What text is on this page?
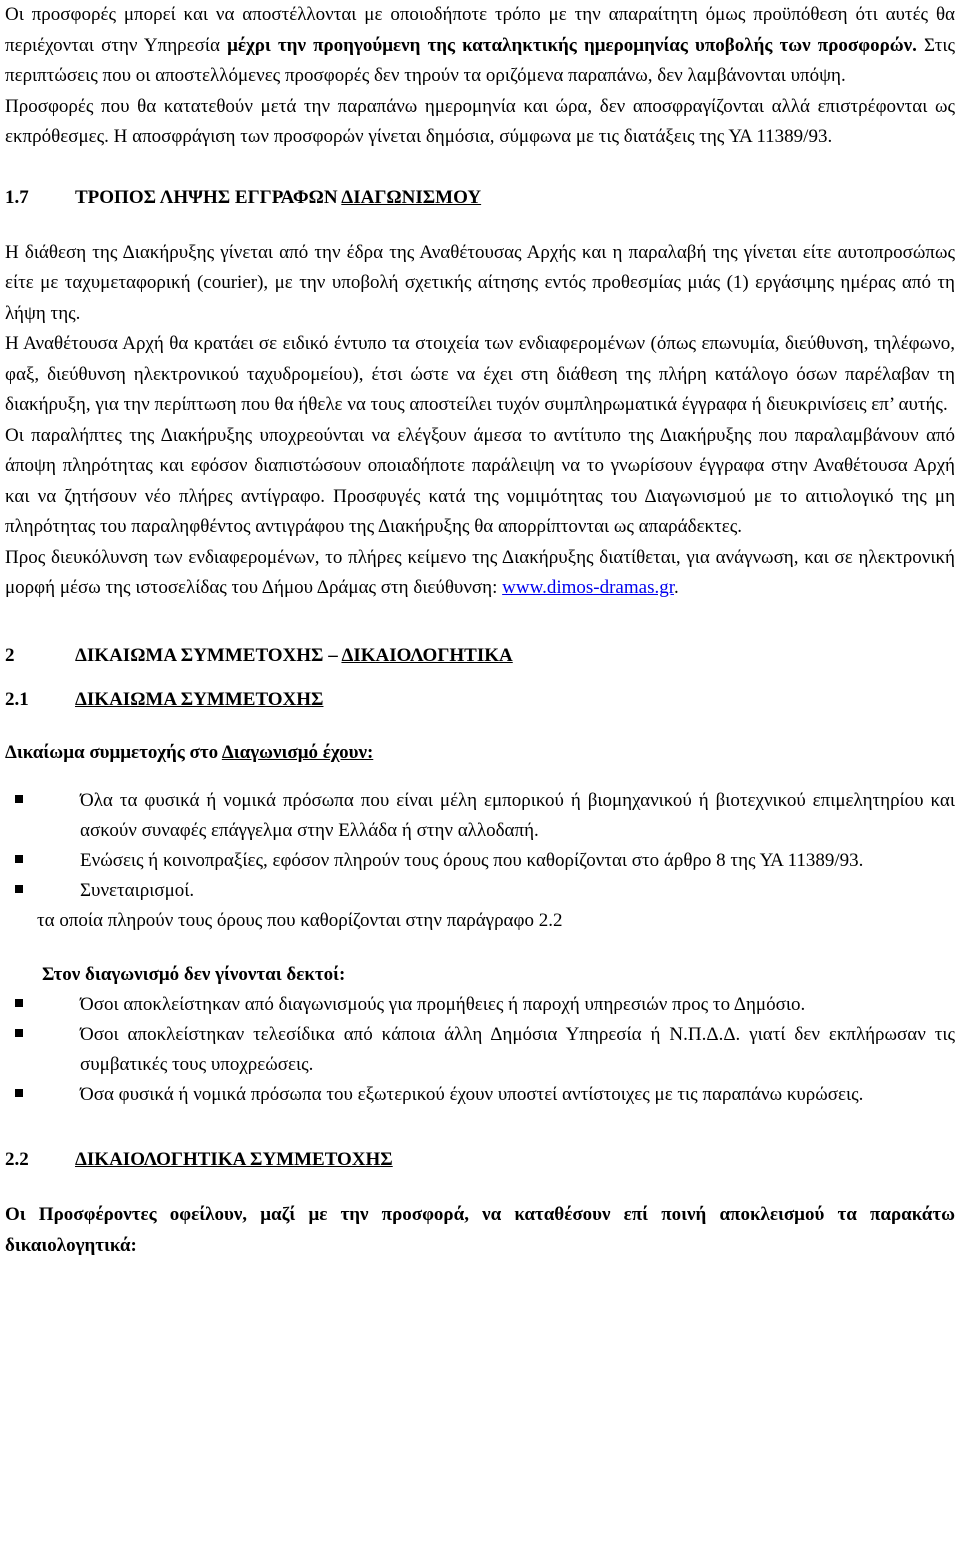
Οι προσφορές μπορεί και να αποστέλλονται με οποιοδήποτε τρόπο με την απαραίτητη όμως προϋπόθεση ότι αυτές θα περιέχονται στην Υπηρεσία μέχρι την προηγούμενη της καταληκτικής ημερομηνίας υποβολής των προσφορών. Στις περιπτώσεις που οι αποστελλόμενες προσφορές δεν τηρούν τα οριζόμενα παραπάνω, δεν λαμβάνονται υπόψη.

Προσφορές που θα κατατεθούν μετά την παραπάνω ημερομηνία και ώρα, δεν αποσφραγίζονται αλλά επιστρέφονται ως εκπρόθεσμες. Η αποσφράγιση των προσφορών γίνεται δημόσια, σύμφωνα με τις διατάξεις της ΥΑ 11389/93.

1.7	ΤΡΟΠΟΣ ΛΗΨΗΣ ΕΓΓΡΑΦΩΝ ΔΙΑΓΩΝΙΣΜΟΥ

Η διάθεση της Διακήρυξης γίνεται από την έδρα της Αναθέτουσας Αρχής και η παραλαβή της γίνεται είτε αυτοπροσώπως είτε με ταχυμεταφορική (courier), με την υποβολή σχετικής αίτησης εντός προθεσμίας μιάς (1) εργάσιμης ημέρας από τη λήψη της.

Η Αναθέτουσα Αρχή θα κρατάει σε ειδικό έντυπο τα στοιχεία των ενδιαφερομένων (όπως επωνυμία, διεύθυνση, τηλέφωνο, φαξ, διεύθυνση ηλεκτρονικού ταχυδρομείου), έτσι ώστε να έχει στη διάθεση της πλήρη κατάλογο όσων παρέλαβαν τη διακήρυξη, για την περίπτωση που θα ήθελε να τους αποστείλει τυχόν συμπληρωματικά έγγραφα ή διευκρινίσεις επ’ αυτής.

Οι παραλήπτες της Διακήρυξης υποχρεούνται να ελέγξουν άμεσα το αντίτυπο της Διακήρυξης που παραλαμβάνουν από άποψη πληρότητας και εφόσον διαπιστώσουν οποιαδήποτε παράλειψη να το γνωρίσουν έγγραφα στην Αναθέτουσα Αρχή και να ζητήσουν νέο πλήρες αντίγραφο. Προσφυγές κατά της νομιμότητας του Διαγωνισμού με το αιτιολογικό της μη πληρότητας του παραληφθέντος αντιγράφου της Διακήρυξης θα απορρίπτονται ως απαράδεκτες.

Προς διευκόλυνση των ενδιαφερομένων, το πλήρες κείμενο της Διακήρυξης διατίθεται, για ανάγνωση, και σε ηλεκτρονική μορφή μέσω της ιστοσελίδας του Δήμου Δράμας στη διεύθυνση: www.dimos-dramas.gr.

2	ΔΙΚΑΙΩΜΑ ΣΥΜΜΕΤΟΧΗΣ – ΔΙΚΑΙΟΛΟΓΗΤΙΚΑ
2.1	ΔΙΚΑΙΩΜΑ ΣΥΜΜΕΤΟΧΗΣ

Δικαίωμα συμμετοχής στο Διαγωνισμό έχουν:

Όλα τα φυσικά ή νομικά πρόσωπα που είναι μέλη εμπορικού ή βιομηχανικού ή βιοτεχνικού επιμελητηρίου και ασκούν συναφές επάγγελμα στην Ελλάδα ή στην αλλοδαπή.
Ενώσεις ή κοινοπραξίες, εφόσον πληρούν τους όρους που καθορίζονται στο άρθρο 8 της ΥΑ 11389/93.
Συνεταιρισμοί.

τα οποία πληρούν τους όρους που καθορίζονται στην παράγραφο 2.2

Στον διαγωνισμό δεν γίνονται δεκτοί:

Όσοι αποκλείστηκαν από διαγωνισμούς για προμήθειες ή παροχή υπηρεσιών προς το Δημόσιο.
Όσοι αποκλείστηκαν τελεσίδικα από κάποια άλλη Δημόσια Υπηρεσία ή Ν.Π.Δ.Δ. γιατί δεν εκπλήρωσαν τις συμβατικές τους υποχρεώσεις.
Όσα φυσικά ή νομικά πρόσωπα του εξωτερικού έχουν υποστεί αντίστοιχες με τις παραπάνω κυρώσεις.
2.2	ΔΙΚΑΙΟΛΟΓΗΤΙΚΑ ΣΥΜΜΕΤΟΧΗΣ

Οι Προσφέροντες οφείλουν, μαζί με την προσφορά, να καταθέσουν επί ποινή αποκλεισμού τα παρακάτω δικαιολογητικά:
